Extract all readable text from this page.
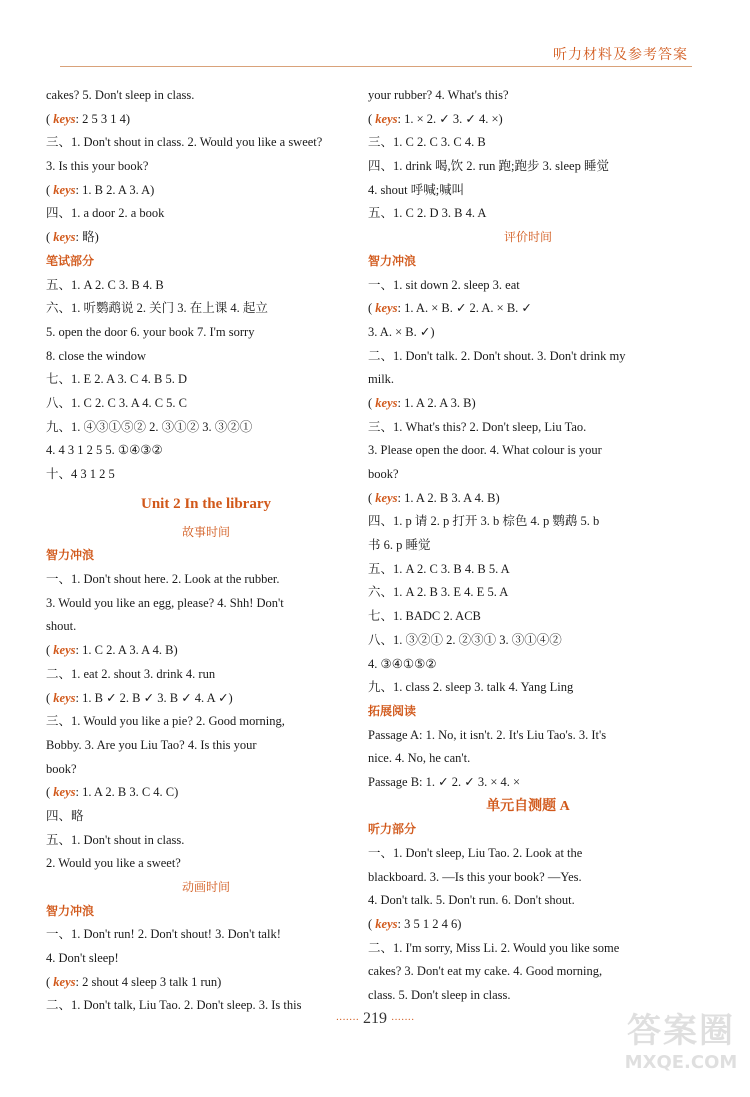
听力材料及参考答案
cakes? 5. Don't sleep in class.
( keys: 2 5 3 1 4)
三、1. Don't shout in class. 2. Would you like a sweet?
3. Is this your book?
( keys: 1. B 2. A 3. A)
四、1. a door 2. a book
( keys: 略)
笔试部分
五、1. A 2. C 3. B 4. B
六、1. 听鹦鹉说 2. 关门 3. 在上课 4. 起立
5. open the door 6. your book 7. I'm sorry
8. close the window
七、1. E 2. A 3. C 4. B 5. D
八、1. C 2. C 3. A 4. C 5. C
九、1. ④③①⑤② 2. ③①② 3. ③②①
4. 4 3 1 2 5 5. ①④③②
十、4 3 1 2 5
Unit 2 In the library
故事时间
智力冲浪
一、1. Don't shout here. 2. Look at the rubber.
3. Would you like an egg, please? 4. Shh! Don't
shout.
( keys: 1. C 2. A 3. A 4. B)
二、1. eat 2. shout 3. drink 4. run
( keys: 1. B ✓ 2. B ✓ 3. B ✓ 4. A ✓)
三、1. Would you like a pie? 2. Good morning,
Bobby. 3. Are you Liu Tao? 4. Is this your
book?
( keys: 1. A 2. B 3. C 4. C)
四、略
五、1. Don't shout in class.
2. Would you like a sweet?
动画时间
智力冲浪
一、1. Don't run! 2. Don't shout! 3. Don't talk!
4. Don't sleep!
( keys: 2 shout 4 sleep 3 talk 1 run)
二、1. Don't talk, Liu Tao. 2. Don't sleep. 3. Is this
your rubber? 4. What's this?
( keys: 1. × 2. ✓ 3. ✓ 4. ×)
三、1. C 2. C 3. C 4. B
四、1. drink 喝,饮 2. run 跑;跑步 3. sleep 睡觉
4. shout 呼喊;喊叫
五、1. C 2. D 3. B 4. A
评价时间
智力冲浪
一、1. sit down 2. sleep 3. eat
( keys: 1. A. × B. ✓ 2. A. × B. ✓
3. A. × B. ✓)
二、1. Don't talk. 2. Don't shout. 3. Don't drink my
milk.
( keys: 1. A 2. A 3. B)
三、1. What's this? 2. Don't sleep, Liu Tao.
3. Please open the door. 4. What colour is your
book?
( keys: 1. A 2. B 3. A 4. B)
四、1. p 请 2. p 打开 3. b 棕色 4. p 鹦鹉 5. b
书 6. p 睡觉
五、1. A 2. C 3. B 4. B 5. A
六、1. A 2. B 3. E 4. E 5. A
七、1. BADC 2. ACB
八、1. ③②① 2. ②③① 3. ③①④②
4. ③④①⑤②
九、1. class 2. sleep 3. talk 4. Yang Ling
拓展阅读
Passage A: 1. No, it isn't. 2. It's Liu Tao's. 3. It's
nice. 4. No, he can't.
Passage B: 1. ✓ 2. ✓ 3. × 4. ×
单元自测题 A
听力部分
一、1. Don't sleep, Liu Tao. 2. Look at the
blackboard. 3. —Is this your book? —Yes.
4. Don't talk. 5. Don't run. 6. Don't shout.
( keys: 3 5 1 2 4 6)
二、1. I'm sorry, Miss Li. 2. Would you like some
cakes? 3. Don't eat my cake. 4. Good morning,
class. 5. Don't sleep in class.
······· 219 ·······	答案圈
MXQE.COM
